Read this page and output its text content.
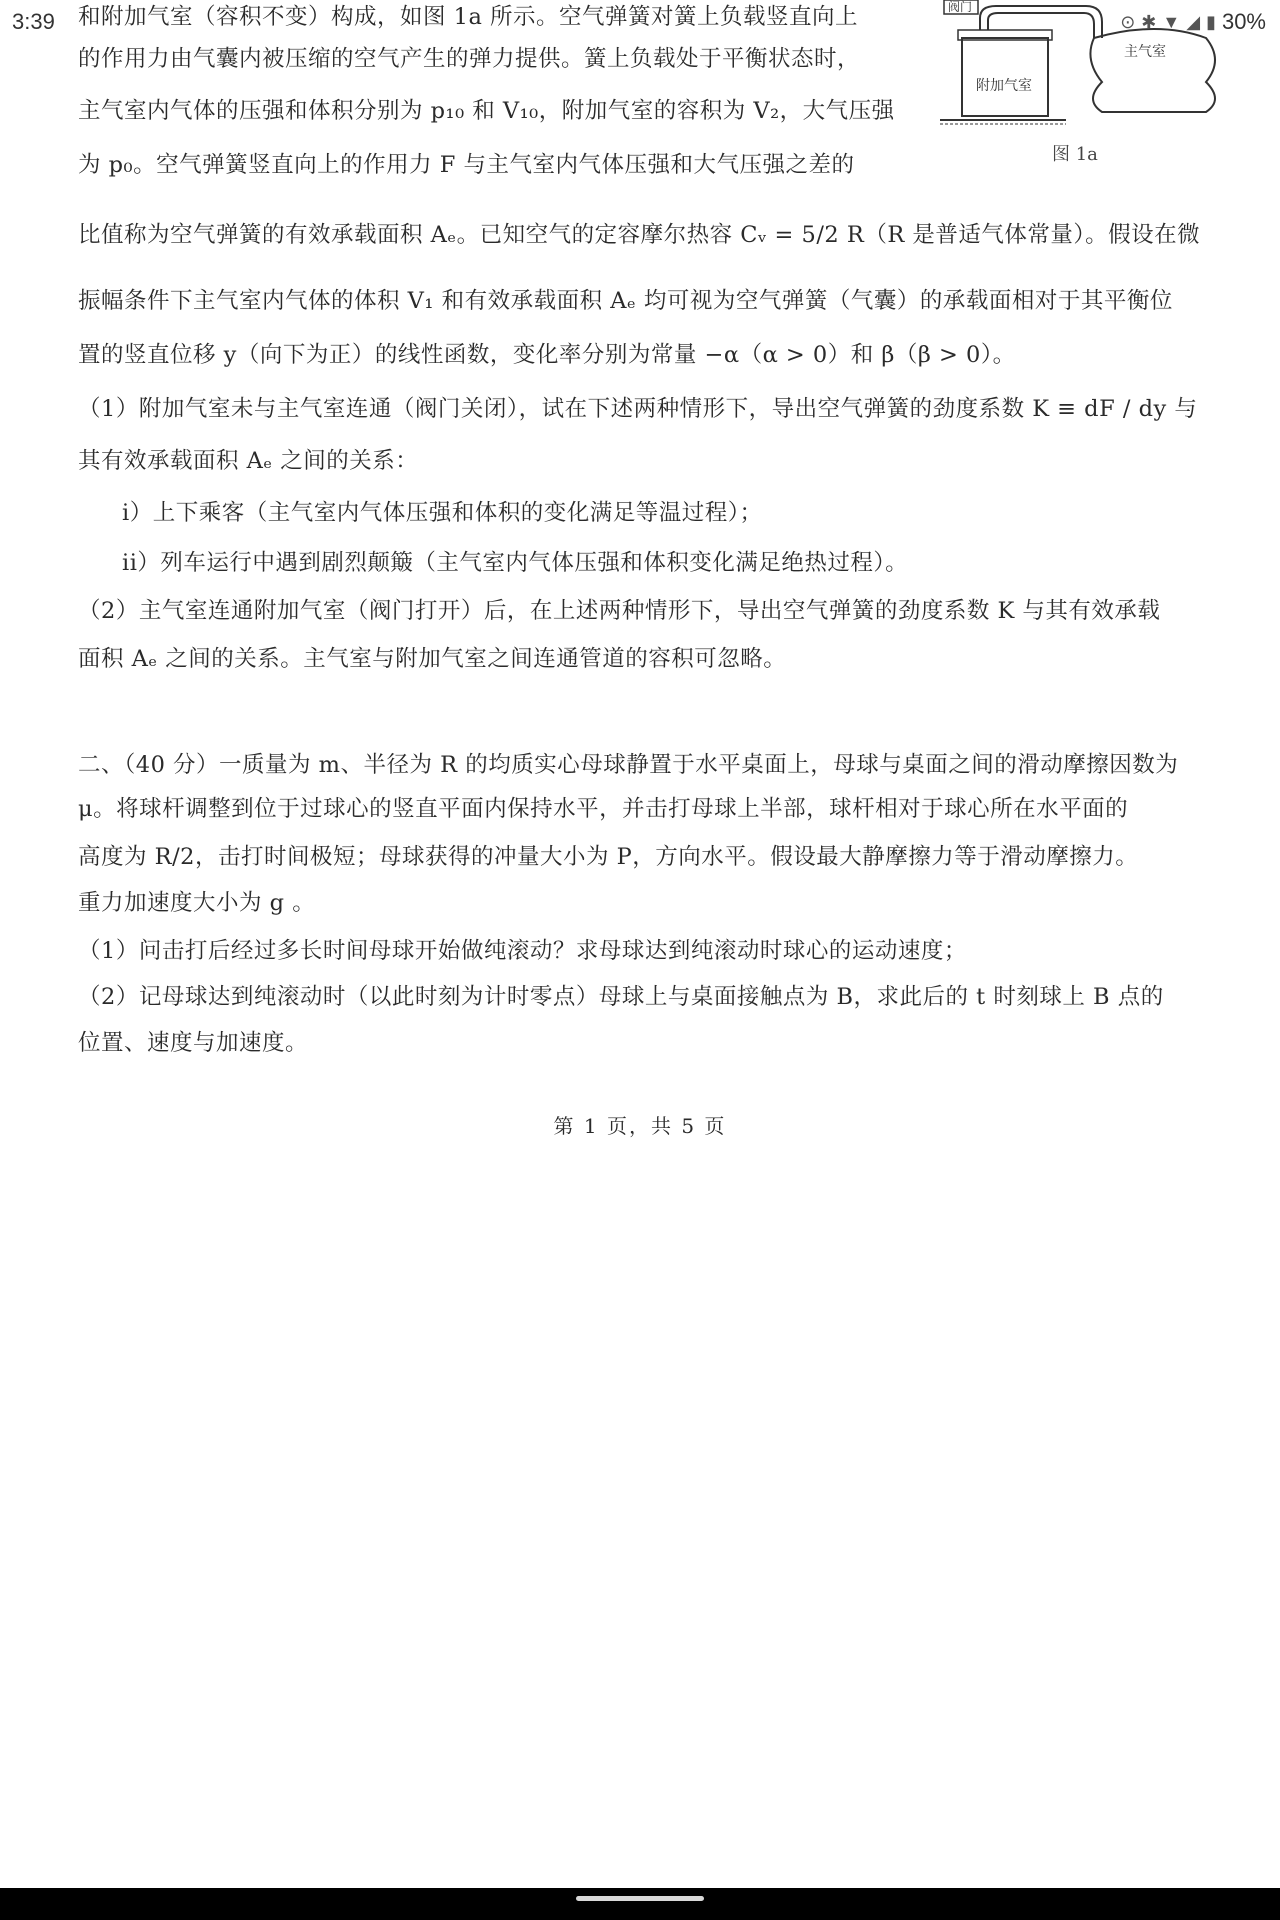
3:39	⊙ ✱ ▼ ◢ ▮ 30%
阀门
附加气室
主气室
图 1a
和附加气室（容积不变）构成，如图 1a 所示。空气弹簧对簧上负载竖直向上
的作用力由气囊内被压缩的空气产生的弹力提供。簧上负载处于平衡状态时，
主气室内气体的压强和体积分别为 p₁₀ 和 V₁₀，附加气室的容积为 V₂，大气压强
为 p₀。空气弹簧竖直向上的作用力 F 与主气室内气体压强和大气压强之差的
比值称为空气弹簧的有效承载面积 Aₑ。已知空气的定容摩尔热容 Cᵥ = 5/2 R（R 是普适气体常量）。假设在微
振幅条件下主气室内气体的体积 V₁ 和有效承载面积 Aₑ 均可视为空气弹簧（气囊）的承载面相对于其平衡位
置的竖直位移 y（向下为正）的线性函数，变化率分别为常量 −α（α > 0）和 β（β > 0）。
（1）附加气室未与主气室连通（阀门关闭），试在下述两种情形下，导出空气弹簧的劲度系数 K ≡ dF / dy 与
其有效承载面积 Aₑ 之间的关系：
i）上下乘客（主气室内气体压强和体积的变化满足等温过程）；
ii）列车运行中遇到剧烈颠簸（主气室内气体压强和体积变化满足绝热过程）。
（2）主气室连通附加气室（阀门打开）后，在上述两种情形下，导出空气弹簧的劲度系数 K 与其有效承载
面积 Aₑ 之间的关系。主气室与附加气室之间连通管道的容积可忽略。
二、（40 分）一质量为 m、半径为 R 的均质实心母球静置于水平桌面上，母球与桌面之间的滑动摩擦因数为
μ。将球杆调整到位于过球心的竖直平面内保持水平，并击打母球上半部，球杆相对于球心所在水平面的
高度为 R/2，击打时间极短；母球获得的冲量大小为 P，方向水平。假设最大静摩擦力等于滑动摩擦力。
重力加速度大小为 g 。
（1）问击打后经过多长时间母球开始做纯滚动？求母球达到纯滚动时球心的运动速度；
（2）记母球达到纯滚动时（以此时刻为计时零点）母球上与桌面接触点为 B，求此后的 t 时刻球上 B 点的
位置、速度与加速度。
第 1 页，共 5 页
